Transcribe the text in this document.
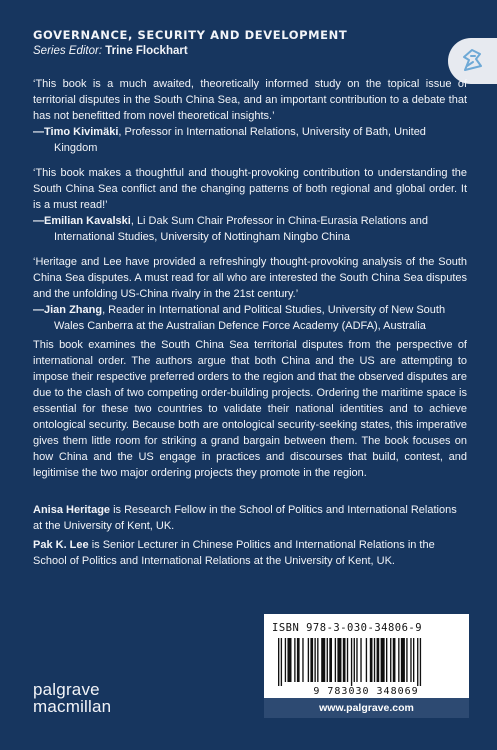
GOVERNANCE, SECURITY AND DEVELOPMENT
Series Editor: Trine Flockhart
‘This book is a much awaited, theoretically informed study on the topical issue of territorial disputes in the South China Sea, and an important contribution to a debate that has not benefitted from novel theoretical insights.’
—Timo Kivimäki, Professor in International Relations, University of Bath, United Kingdom
‘This book makes a thoughtful and thought-provoking contribution to understanding the South China Sea conflict and the changing patterns of both regional and global order. It is a must read!’
—Emilian Kavalski, Li Dak Sum Chair Professor in China-Eurasia Relations and International Studies, University of Nottingham Ningbo China
‘Heritage and Lee have provided a refreshingly thought-provoking analysis of the South China Sea disputes. A must read for all who are interested the South China Sea disputes and the unfolding US-China rivalry in the 21st century.’
—Jian Zhang, Reader in International and Political Studies, University of New South Wales Canberra at the Australian Defence Force Academy (ADFA), Australia
This book examines the South China Sea territorial disputes from the perspective of international order. The authors argue that both China and the US are attempting to impose their respective preferred orders to the region and that the observed disputes are due to the clash of two competing order-building projects. Ordering the maritime space is essential for these two countries to validate their national identities and to achieve ontological security. Because both are ontological security-seeking states, this imperative gives them little room for striking a grand bargain between them. The book focuses on how China and the US engage in practices and discourses that build, contest, and legitimise the two major ordering projects they promote in the region.
Anisa Heritage is Research Fellow in the School of Politics and International Relations at the University of Kent, UK.
Pak K. Lee is Senior Lecturer in Chinese Politics and International Relations in the School of Politics and International Relations at the University of Kent, UK.
ISBN 978-3-030-34806-9
9 783030 348069
www.palgrave.com
palgrave
macmillan
